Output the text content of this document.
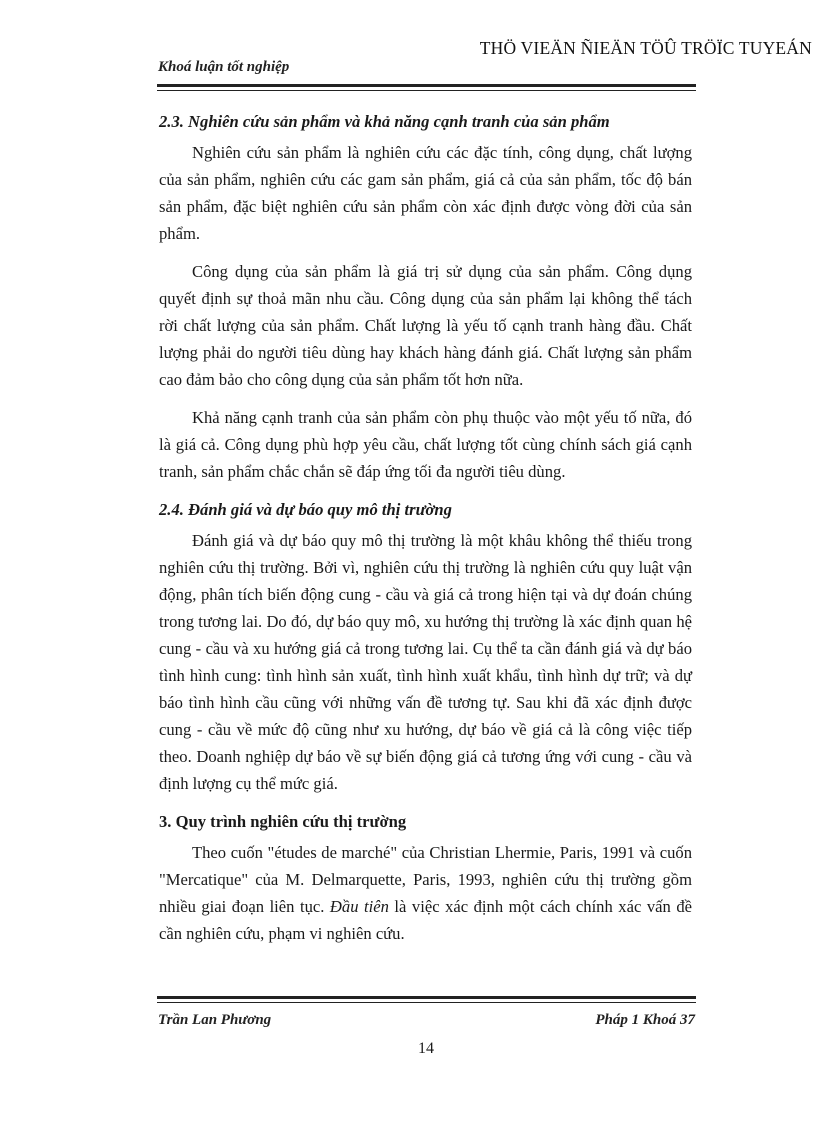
THÖ VIEÄN ÑIEÄN TÖÛ TRÖÏC TUYEÁN
Khoá luận tốt nghiệp
2.3. Nghiên cứu sản phẩm và khả năng cạnh tranh của sản phẩm

Nghiên cứu sản phẩm là nghiên cứu các đặc tính, công dụng, chất lượng của sản phẩm, nghiên cứu các gam sản phẩm, giá cả của sản phẩm, tốc độ bán sản phẩm, đặc biệt nghiên cứu sản phẩm còn xác định được vòng đời của sản phẩm.

Công dụng của sản phẩm là giá trị sử dụng của sản phẩm. Công dụng quyết định sự thoả mãn nhu cầu. Công dụng của sản phẩm lại không thể tách rời chất lượng của sản phẩm. Chất lượng là yếu tố cạnh tranh hàng đầu. Chất lượng phải do người tiêu dùng hay khách hàng đánh giá. Chất lượng sản phẩm cao đảm bảo cho công dụng của sản phẩm tốt hơn nữa.

Khả năng cạnh tranh của sản phẩm còn phụ thuộc vào một yếu tố nữa, đó là giá cả. Công dụng phù hợp yêu cầu, chất lượng tốt cùng chính sách giá cạnh tranh, sản phẩm chắc chắn sẽ đáp ứng tối đa người tiêu dùng.

2.4. Đánh giá và dự báo quy mô thị trường

Đánh giá và dự báo quy mô thị trường là một khâu không thể thiếu trong nghiên cứu thị trường. Bởi vì, nghiên cứu thị trường là nghiên cứu quy luật vận động, phân tích biến động cung - cầu và giá cả trong hiện tại và dự đoán chúng trong tương lai. Do đó, dự báo quy mô, xu hướng thị trường là xác định quan hệ cung - cầu và xu hướng giá cả trong tương lai. Cụ thể ta cần đánh giá và dự báo tình hình cung: tình hình sản xuất, tình hình xuất khẩu, tình hình dự trữ; và dự báo tình hình cầu cũng với những vấn đề tương tự. Sau khi đã xác định được cung - cầu về mức độ cũng như xu hướng, dự báo về giá cả là công việc tiếp theo. Doanh nghiệp dự báo về sự biến động giá cả tương ứng với cung - cầu và định lượng cụ thể mức giá.

3. Quy trình nghiên cứu thị trường

Theo cuốn "études de marché" của Christian Lhermie, Paris, 1991 và cuốn "Mercatique" của M. Delmarquette, Paris, 1993, nghiên cứu thị trường gồm nhiều giai đoạn liên tục. Đầu tiên là việc xác định một cách chính xác vấn đề cần nghiên cứu, phạm vi nghiên cứu.

Trần Lan Phương	Pháp 1 Khoá 37
14
